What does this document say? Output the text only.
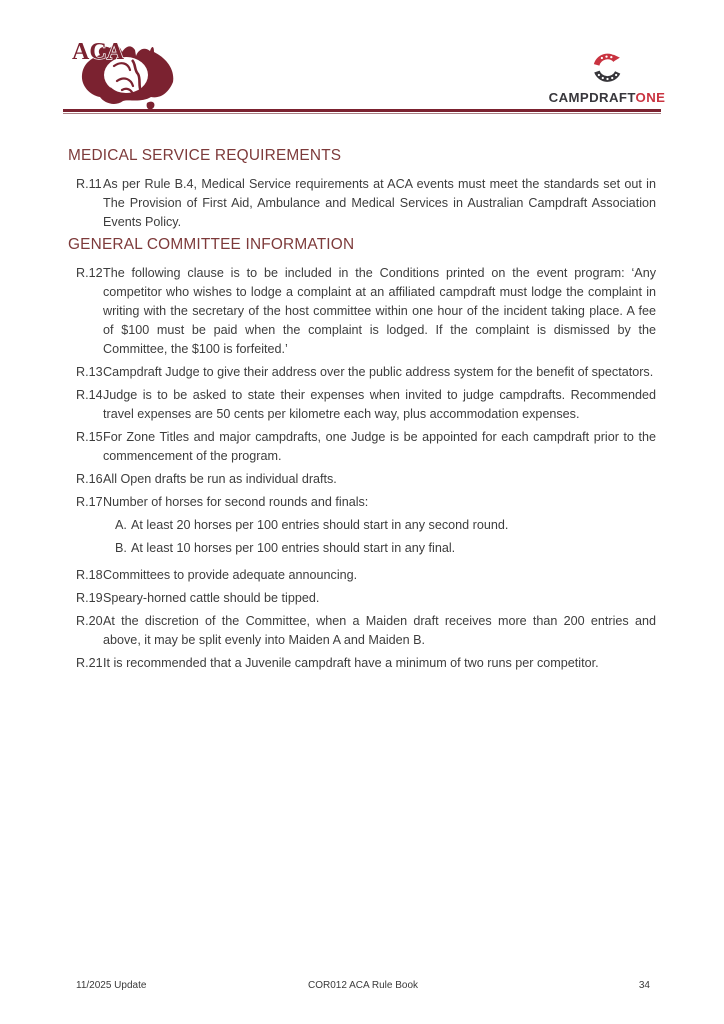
ACA
CAMPDRAFTONE
MEDICAL SERVICE REQUIREMENTS
R.11 As per Rule B.4, Medical Service requirements at ACA events must meet the standards set out in The Provision of First Aid, Ambulance and Medical Services in Australian Campdraft Association Events Policy.

GENERAL COMMITTEE INFORMATION
R.12 The following clause is to be included in the Conditions printed on the event program: ‘Any competitor who wishes to lodge a complaint at an affiliated campdraft must lodge the complaint in writing with the secretary of the host committee within one hour of the incident taking place. A fee of $100 must be paid when the complaint is lodged. If the complaint is dismissed by the Committee, the $100 is forfeited.’

R.13 Campdraft Judge to give their address over the public address system for the benefit of spectators.

R.14 Judge is to be asked to state their expenses when invited to judge campdrafts. Recommended travel expenses are 50 cents per kilometre each way, plus accommodation expenses.

R.15 For Zone Titles and major campdrafts, one Judge is be appointed for each campdraft prior to the commencement of the program.

R.16 All Open drafts be run as individual drafts.

R.17 Number of horses for second rounds and finals:

A. At least 20 horses per 100 entries should start in any second round.

B. At least 10 horses per 100 entries should start in any final.

R.18 Committees to provide adequate announcing.

R.19 Speary-horned cattle should be tipped.

R.20 At the discretion of the Committee, when a Maiden draft receives more than 200 entries and above, it may be split evenly into Maiden A and Maiden B.

R.21 It is recommended that a Juvenile campdraft have a minimum of two runs per competitor.

11/2025 Update	COR012 ACA Rule Book	34
